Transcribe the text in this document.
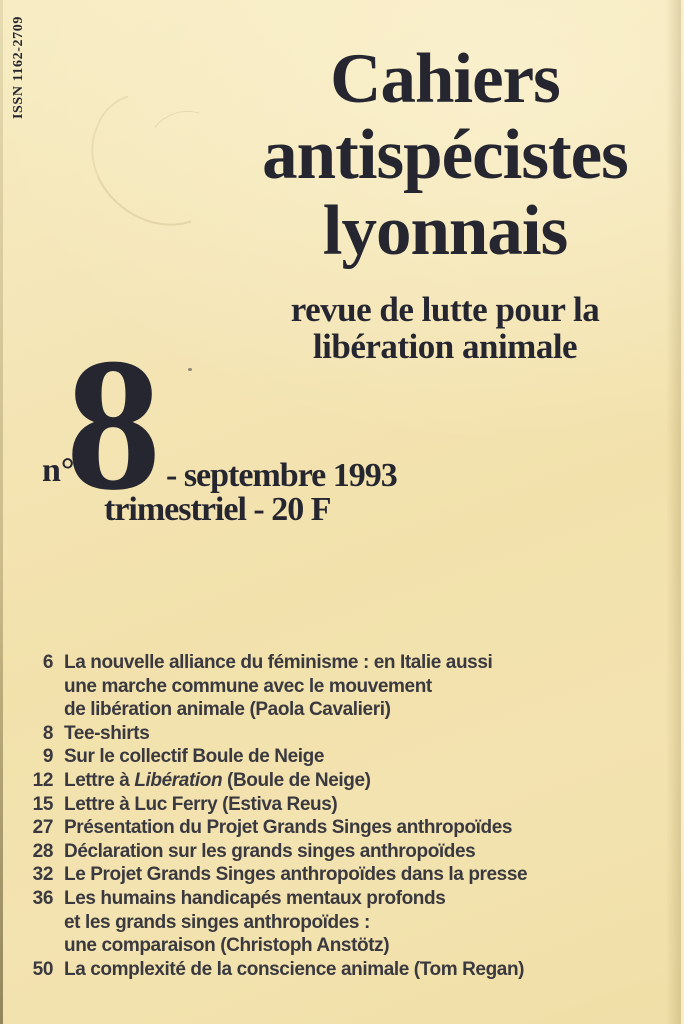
ISSN 1162-2709	Cahiers
antispécistes
lyonnais
revue de lutte pour la
libération animale
n°
8 - septembre 1993
trimestriel - 20 F
6 La nouvelle alliance du féminisme : en Italie aussi
une marche commune avec le mouvement
de libération animale (Paola Cavalieri)
8 Tee-shirts
9 Sur le collectif Boule de Neige
12 Lettre à Libération (Boule de Neige)
15 Lettre à Luc Ferry (Estiva Reus)
27 Présentation du Projet Grands Singes anthropoïdes
28 Déclaration sur les grands singes anthropoïdes
32 Le Projet Grands Singes anthropoïdes dans la presse
36 Les humains handicapés mentaux profonds
et les grands singes anthropoïdes :
une comparaison (Christoph Anstötz)
50 La complexité de la conscience animale (Tom Regan)
